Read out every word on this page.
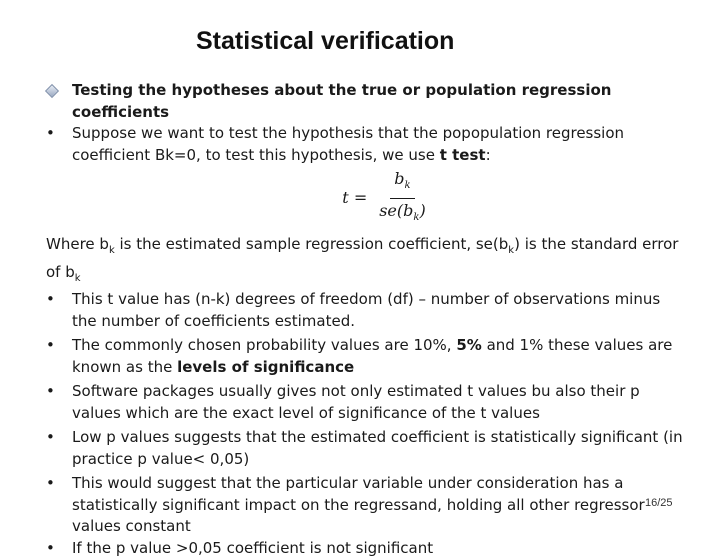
Statistical verification
Testing the hypotheses about the true or population regression coefficients
•	Suppose we want to test the hypothesis that the popopulation regression coefficient Bk=0, to test this hypothesis, we use t test:
$t = \frac{b_k}{se(b_k)}$
Where $b_k$ is the estimated sample regression coefficient, $se(b_k)$ is the standard error of $b_k$
•	This t value has (n-k) degrees of freedom (df) – number of observations minus the number of coefficients estimated.
•	The commonly chosen probability values are 10%, 5% and 1% these values are known as the levels of significance
•	Software packages usually gives not only estimated t values bu also their p values which are the exact level of significance of the t values
•	Low p values suggests that the estimated coefficient is statistically significant (in practice p value< 0,05)
•	This would suggest that the particular variable under consideration has a statistically significant impact on the regressand, holding all other regressor values constant
•	If the p value >0,05 coefficient is not significant
16/25
